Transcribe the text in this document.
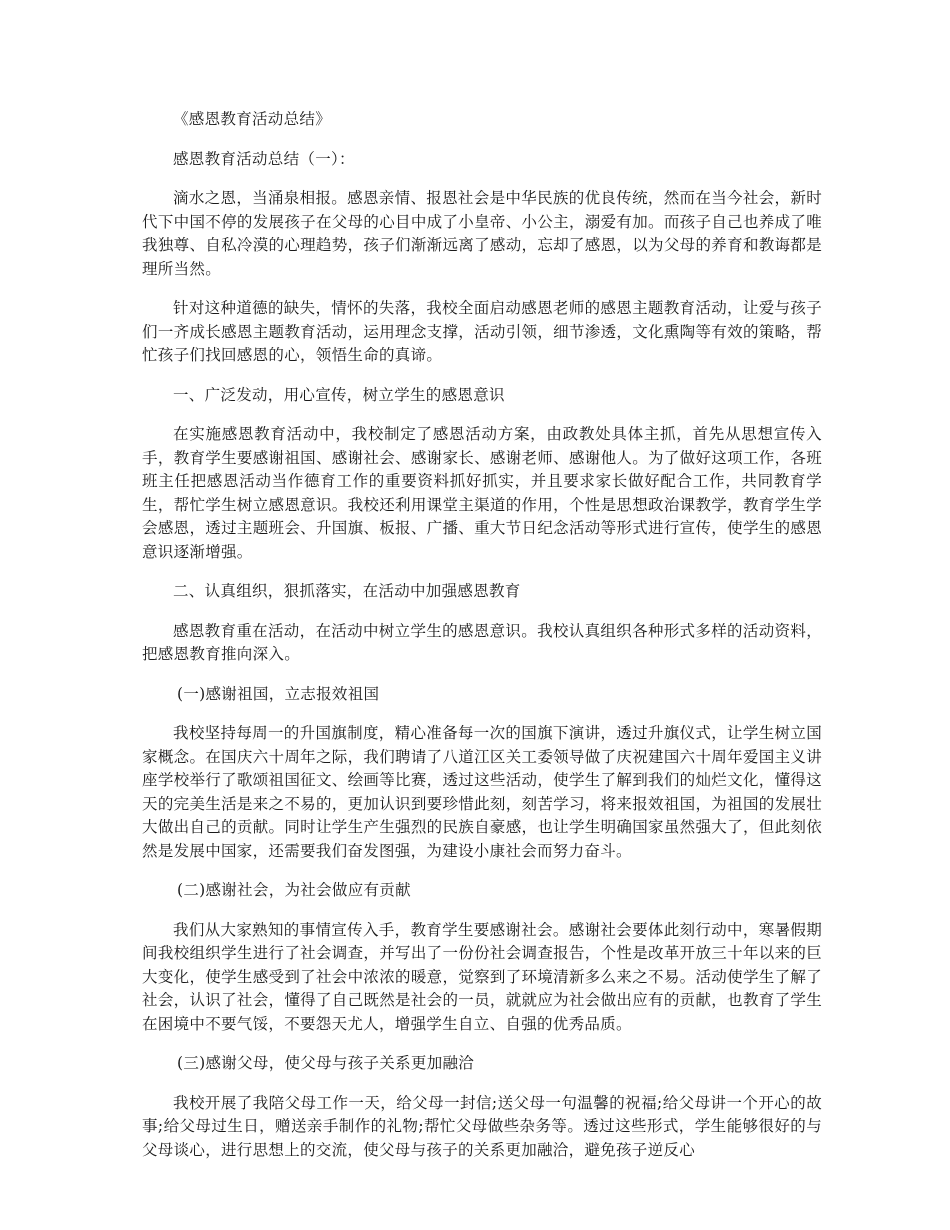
《感恩教育活动总结》
感恩教育活动总结（一）：

滴水之恩，当涌泉相报。感恩亲情、报恩社会是中华民族的优良传统，然而在当今社会，新时代下中国不停的发展孩子在父母的心目中成了小皇帝、小公主，溺爱有加。而孩子自己也养成了唯我独尊、自私冷漠的心理趋势，孩子们渐渐远离了感动，忘却了感恩，以为父母的养育和教诲都是理所当然。

针对这种道德的缺失，情怀的失落，我校全面启动感恩老师的感恩主题教育活动，让爱与孩子们一齐成长感恩主题教育活动，运用理念支撑，活动引领，细节渗透，文化熏陶等有效的策略，帮忙孩子们找回感恩的心，领悟生命的真谛。

一、广泛发动，用心宣传，树立学生的感恩意识

在实施感恩教育活动中，我校制定了感恩活动方案，由政教处具体主抓，首先从思想宣传入手，教育学生要感谢祖国、感谢社会、感谢家长、感谢老师、感谢他人。为了做好这项工作，各班班主任把感恩活动当作德育工作的重要资料抓好抓实，并且要求家长做好配合工作，共同教育学生，帮忙学生树立感恩意识。我校还利用课堂主渠道的作用，个性是思想政治课教学，教育学生学会感恩，透过主题班会、升国旗、板报、广播、重大节日纪念活动等形式进行宣传，使学生的感恩意识逐渐增强。

二、认真组织，狠抓落实，在活动中加强感恩教育

感恩教育重在活动，在活动中树立学生的感恩意识。我校认真组织各种形式多样的活动资料，把感恩教育推向深入。

(一)感谢祖国，立志报效祖国

我校坚持每周一的升国旗制度，精心准备每一次的国旗下演讲，透过升旗仪式，让学生树立国家概念。在国庆六十周年之际，我们聘请了八道江区关工委领导做了庆祝建国六十周年爱国主义讲座学校举行了歌颂祖国征文、绘画等比赛，透过这些活动，使学生了解到我们的灿烂文化，懂得这天的完美生活是来之不易的，更加认识到要珍惜此刻，刻苦学习，将来报效祖国，为祖国的发展壮大做出自己的贡献。同时让学生产生强烈的民族自豪感，也让学生明确国家虽然强大了，但此刻依然是发展中国家，还需要我们奋发图强，为建设小康社会而努力奋斗。

(二)感谢社会，为社会做应有贡献

我们从大家熟知的事情宣传入手，教育学生要感谢社会。感谢社会要体此刻行动中，寒暑假期间我校组织学生进行了社会调查，并写出了一份份社会调查报告，个性是改革开放三十年以来的巨大变化，使学生感受到了社会中浓浓的暖意，觉察到了环境清新多么来之不易。活动使学生了解了社会，认识了社会，懂得了自己既然是社会的一员，就就应为社会做出应有的贡献，也教育了学生在困境中不要气馁，不要怨天尤人，增强学生自立、自强的优秀品质。

(三)感谢父母，使父母与孩子关系更加融洽

我校开展了我陪父母工作一天，给父母一封信;送父母一句温馨的祝福;给父母讲一个开心的故事;给父母过生日，赠送亲手制作的礼物;帮忙父母做些杂务等。透过这些形式，学生能够很好的与父母谈心，进行思想上的交流，使父母与孩子的关系更加融洽，避免孩子逆反心
